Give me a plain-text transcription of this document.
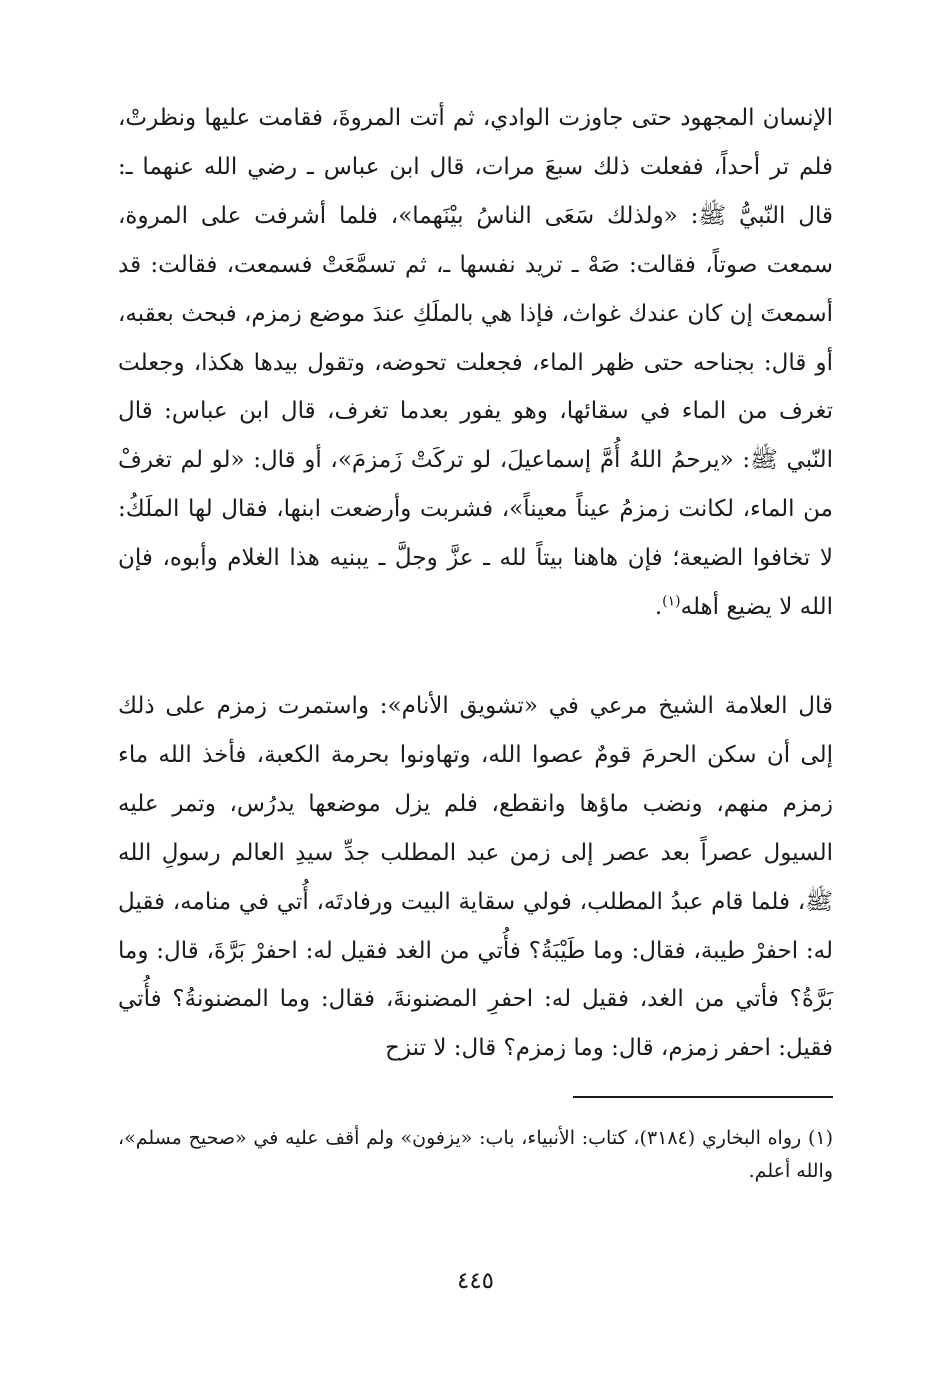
الإنسان المجهود حتى جاوزت الوادي، ثم أتت المروةَ، فقامت عليها ونظرتْ، فلم تر أحداً، ففعلت ذلك سبعَ مرات، قال ابن عباس ـ رضي الله عنهما ـ: قال النّبيُّ ﷺ: «ولذلك سَعَى الناسُ بيْنَهما»، فلما أشرفت على المروة، سمعت صوتاً، فقالت: صَهْ ـ تريد نفسها ـ، ثم تسمَّعَتْ فسمعت، فقالت: قد أسمعتَ إن كان عندك غواث، فإذا هي بالملَكِ عندَ موضع زمزم، فبحث بعقبه، أو قال: بجناحه حتى ظهر الماء، فجعلت تحوضه، وتقول بيدها هكذا، وجعلت تغرف من الماء في سقائها، وهو يفور بعدما تغرف، قال ابن عباس: قال النّبي ﷺ: «يرحمُ اللهُ أُمَّ إسماعيلَ، لو تركَتْ زَمزمَ»، أو قال: «لو لم تغرفْ من الماء، لكانت زمزمُ عيناً معيناً»، فشربت وأرضعت ابنها، فقال لها الملَكُ: لا تخافوا الضيعة؛ فإن هاهنا بيتاً لله ـ عزَّ وجلَّ ـ يبنيه هذا الغلام وأبوه، فإن الله لا يضيع أهله$^{(١)}$.

قال العلامة الشيخ مرعي في «تشويق الأنام»: واستمرت زمزم على ذلك إلى أن سكن الحرمَ قومٌ عصوا الله، وتهاونوا بحرمة الكعبة، فأخذ الله ماء زمزم منهم، ونضب ماؤها وانقطع، فلم يزل موضعها يدرُس، وتمر عليه السيول عصراً بعد عصر إلى زمن عبد المطلب جدِّ سيدِ العالم رسولِ الله ﷺ، فلما قام عبدُ المطلب، فولي سقاية البيت ورفادتَه، أُتي في منامه، فقيل له: احفرْ طيبة، فقال: وما طَيْبَةُ؟ فأُتي من الغد فقيل له: احفرْ بَرَّةَ، قال: وما بَرَّةُ؟ فأتي من الغد، فقيل له: احفرِ المضنونةَ، فقال: وما المضنونةُ؟ فأُتي فقيل: احفر زمزم، قال: وما زمزم؟ قال: لا تنزح

(١) رواه البخاري (٣١٨٤)، كتاب: الأنبياء، باب: «يزفون» ولم أقف عليه في «صحيح مسلم»، والله أعلم.

٤٤٥
